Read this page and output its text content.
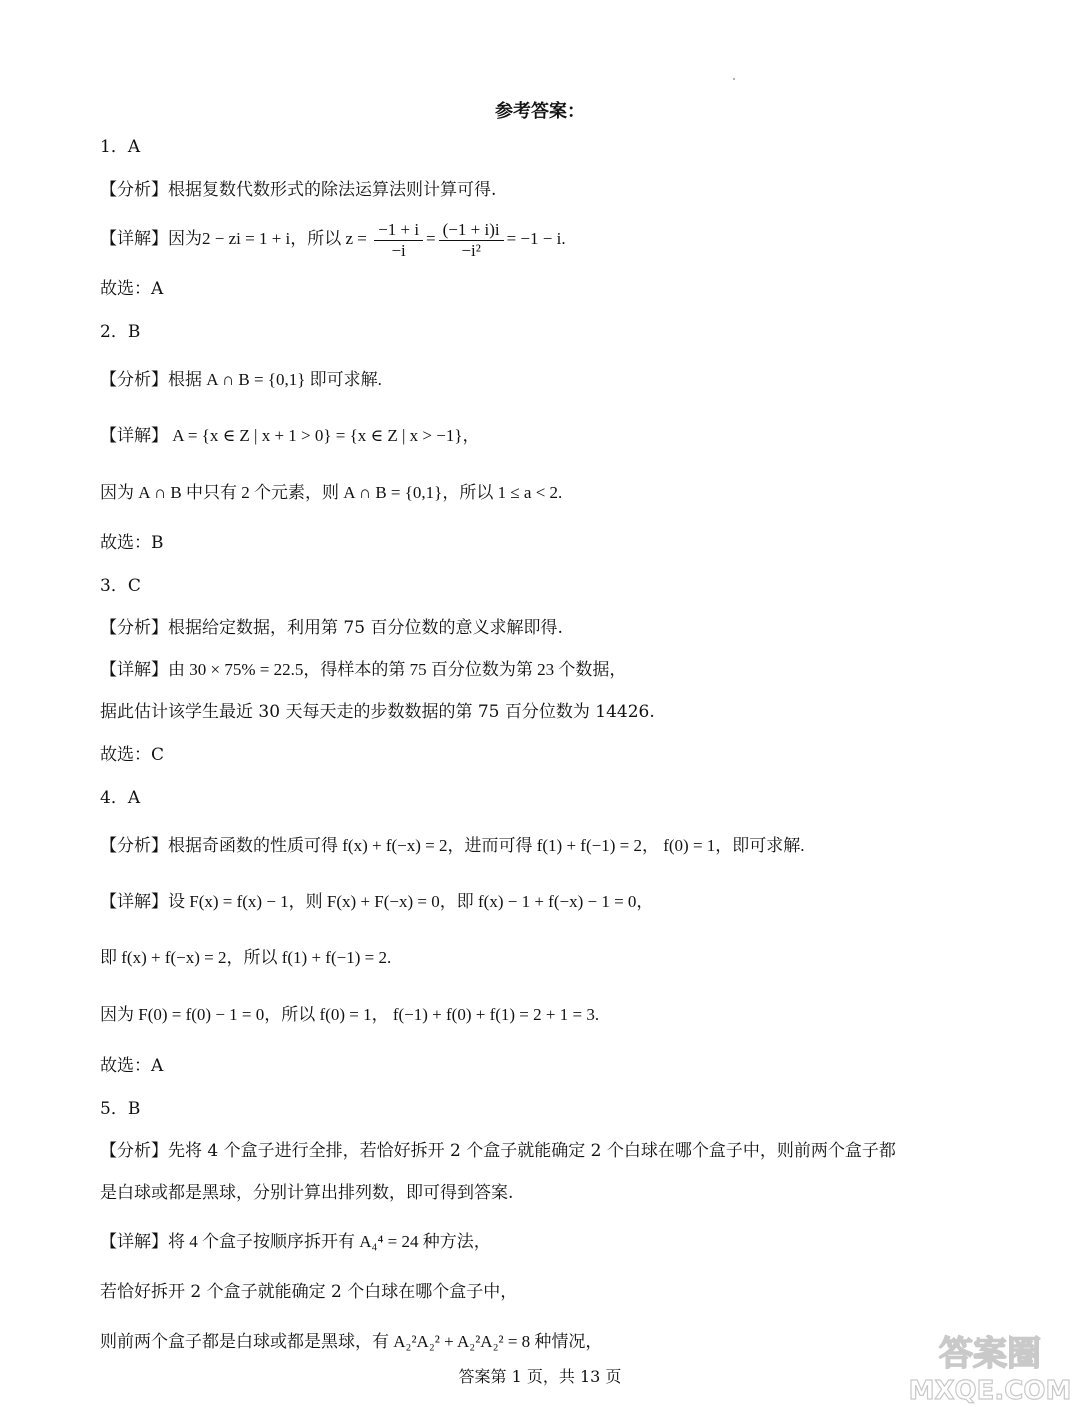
参考答案：
1．A
【分析】根据复数代数形式的除法运算法则计算可得.
【详解】因为2 − zi = 1 + i，所以 $z = \frac{-1 + i}{-i} = \frac{(-1 + i)i}{\text{−i²}} = -1 - i$.
故选：A
2．B
【分析】根据 A ∩ B = {0,1} 即可求解.
【详解】 A = {x ∈ Z | x + 1 > 0} = {x ∈ Z | x > −1}，
因为 A ∩ B 中只有 2 个元素，则 A ∩ B = {0,1}，所以 1 ≤ a < 2.
故选：B
3．C
【分析】根据给定数据，利用第 75 百分位数的意义求解即得.
【详解】由 30 × 75% = 22.5，得样本的第 75 百分位数为第 23 个数据，
据此估计该学生最近 30 天每天走的步数数据的第 75 百分位数为 14426.
故选：C
4．A
【分析】根据奇函数的性质可得 f(x) + f(−x) = 2，进而可得 f(1) + f(−1) = 2， f(0) = 1，即可求解.
【详解】设 F(x) = f(x) − 1，则 F(x) + F(−x) = 0，即 f(x) − 1 + f(−x) − 1 = 0，
即 f(x) + f(−x) = 2，所以 f(1) + f(−1) = 2.
因为 F(0) = f(0) − 1 = 0，所以 f(0) = 1， f(−1) + f(0) + f(1) = 2 + 1 = 3.
故选：A
5．B
【分析】先将 4 个盒子进行全排，若恰好拆开 2 个盒子就能确定 2 个白球在哪个盒子中，则前两个盒子都
是白球或都是黑球，分别计算出排列数，即可得到答案.
【详解】将 4 个盒子按顺序拆开有 A₄⁴ = 24 种方法，
若恰好拆开 2 个盒子就能确定 2 个白球在哪个盒子中，
则前两个盒子都是白球或都是黑球，有 A₂²A₂² + A₂²A₂² = 8 种情况，
答案第 1 页，共 13 页
答案圈
MXQE.COM
